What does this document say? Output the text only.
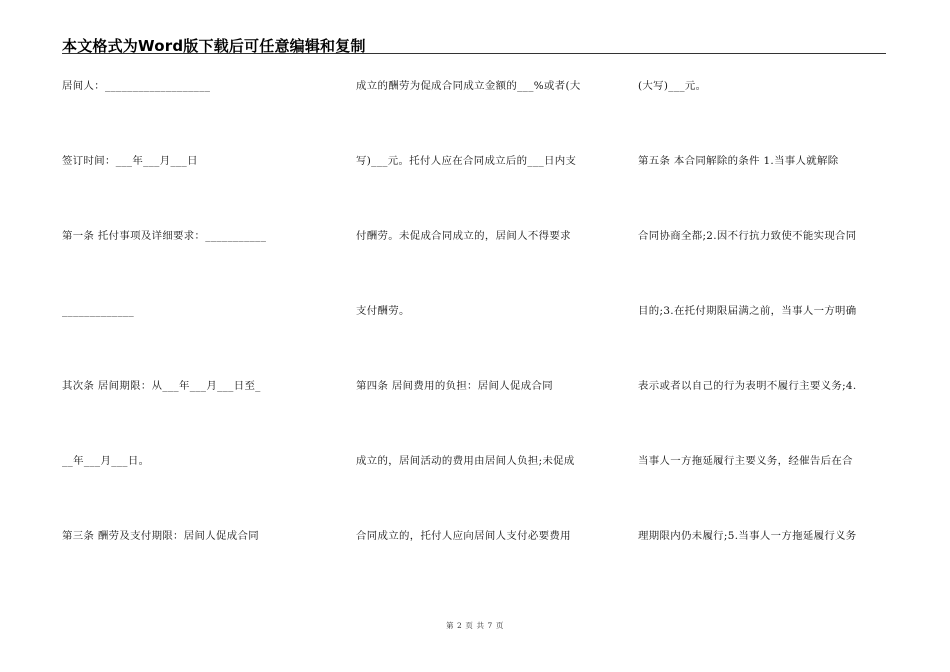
本文格式为Word版下载后可任意编辑和复制
居间人：___________________
签订时间：___年___月___日
第一条 托付事项及详细要求：___________
_____________
其次条 居间期限：从___年___月___日至_
__年___月___日。
第三条 酬劳及支付期限：居间人促成合同
成立的酬劳为促成合同成立金额的___%或者(大
写)___元。托付人应在合同成立后的___日内支
付酬劳。未促成合同成立的，居间人不得要求
支付酬劳。
第四条 居间费用的负担：居间人促成合同
成立的，居间活动的费用由居间人负担;未促成
合同成立的，托付人应向居间人支付必要费用
(大写)___元。
第五条 本合同解除的条件 1.当事人就解除
合同协商全都;2.因不行抗力致使不能实现合同
目的;3.在托付期限届满之前，当事人一方明确
表示或者以自己的行为表明不履行主要义务;4.
当事人一方拖延履行主要义务，经催告后在合
理期限内仍未履行;5.当事人一方拖延履行义务
第 2 页 共 7 页
